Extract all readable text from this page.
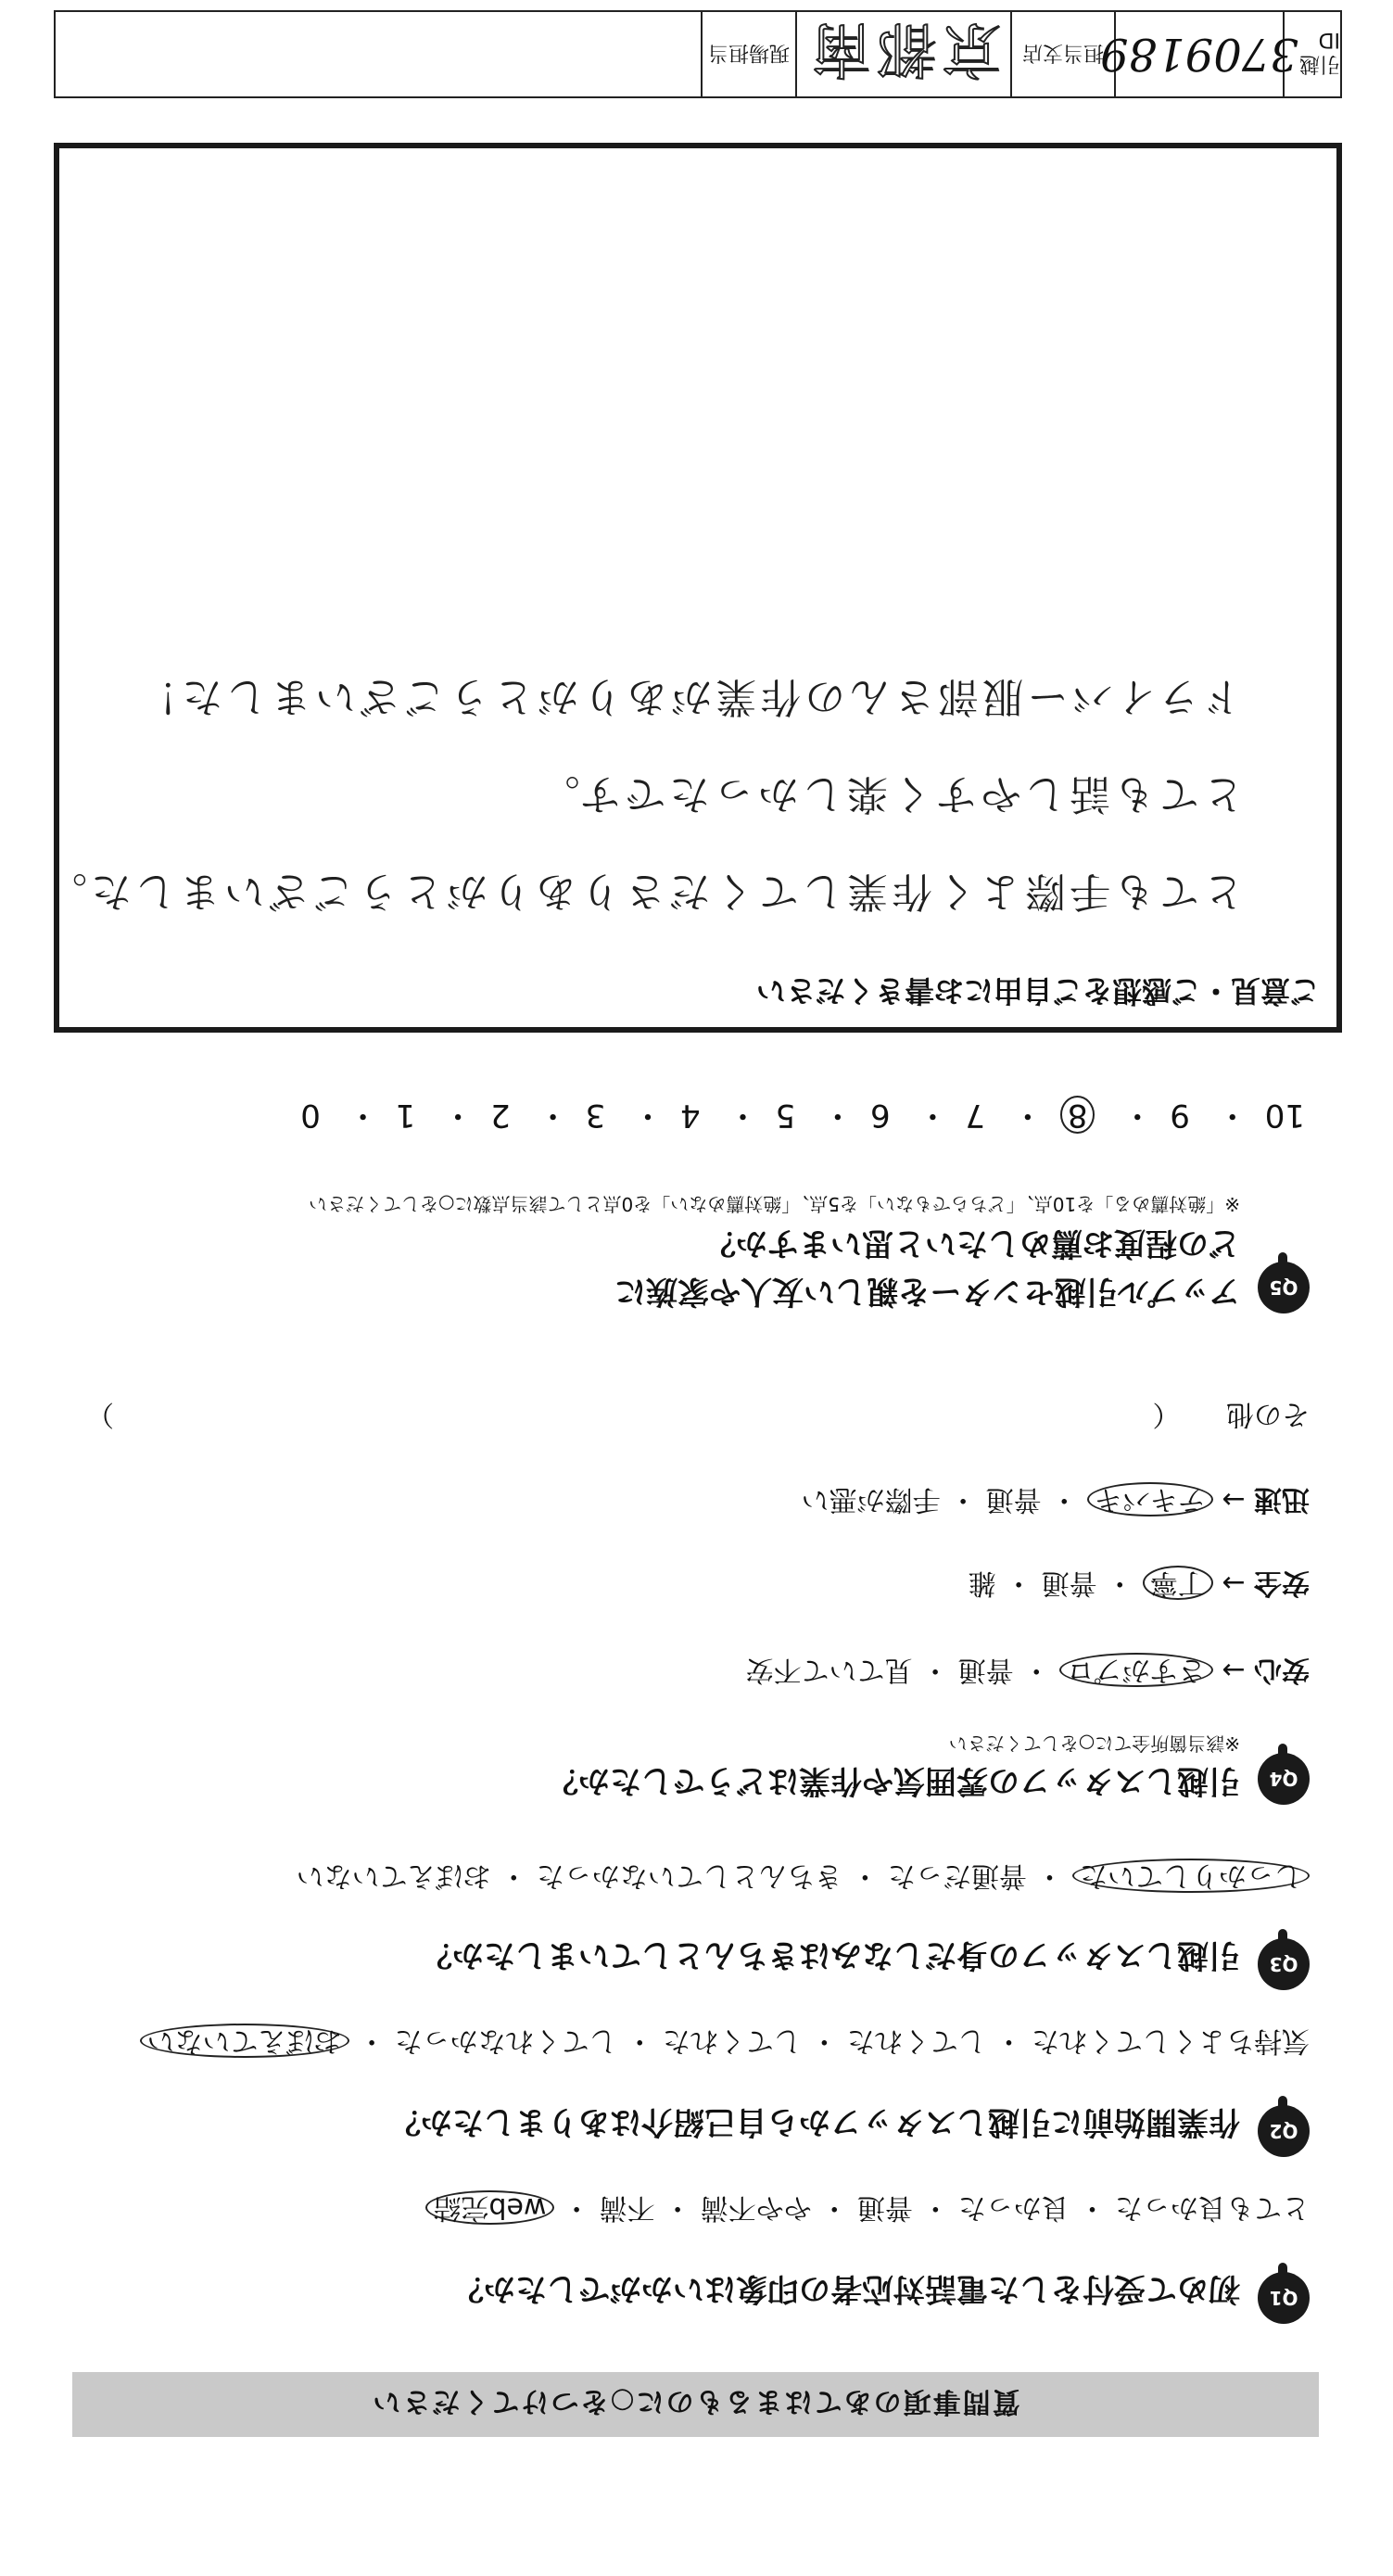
質問事項のあてはまるものに○をつけてください
Q1
初めて受付をした電話対応者の印象はいかがでしたか？
とても良かった ・ 良かった ・ 普通 ・ やや不満 ・ 不満 ・ web完結
Q2
作業開始前に引越しスタッフから自己紹介はありましたか？
気持ちよくしてくれた ・ してくれた ・ してくれた ・ してくれなかった ・ おぼえていない
Q3
引越しスタッフの身だしなみはきちんとしていましたか？
しっかりしていた ・ 普通だった ・ きちんとしていなかった ・ おぼえていない
Q4
引越しスタッフの雰囲気や作業はどうでしたか？
※該当箇所全てに○をしてください
安心 → さすがプロ ・ 普通 ・ 見ていて不安
安全 → 丁寧 ・ 普通 ・ 雑
迅速 → テキパキ ・ 普通 ・ 手際が悪い
その他 （
）
Q5
アップル引越センターを親しい友人や家族に
どの程度お薦めしたいと思いますか？
※「絶対薦める」を10点、「どちらでもない」を5点、「絶対薦めない」を0点として該当点数に○をしてください
10・ 9・ 8・ 7・ 6・ 5・ 4・ 3・ 2・ 1・ 0
ご意見・ご感想をご自由にお書きください
とても手際よく作業してくださりありがとうございました。
とても話しやすく楽しかったです。
ドライバー服部さんの作業がありがとうございました！
引越ID
3709189
担当支店
京都南
現場担当
